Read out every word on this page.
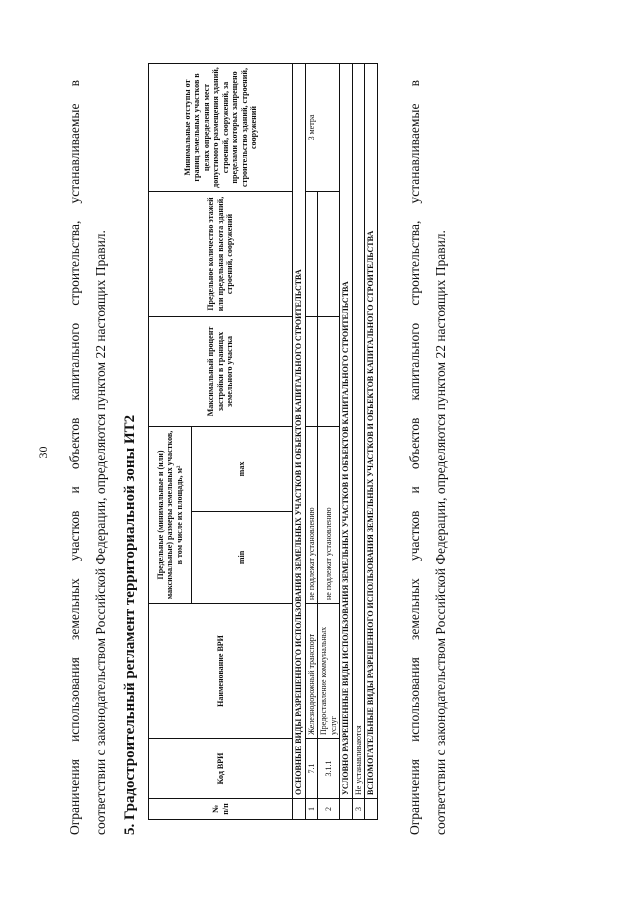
30	Ограничения использования земельных участков и объектов капитального строительства, устанавливаемые в соответствии с законодательством Российской Федерации, определяются пунктом 22 настоящих Правил. 5. Градостроительный регламент территориальной зоны ИТ2	№ п/п	Код ВРИ	Наименование ВРИ	Предельные (минимальные и (или) максимальные) размеры земельных участков, в том числе их площадь, м²		Максимальный процент застройки в границах земельного участка	Предельное количество этажей или предельная высота зданий, строений, сооружений	Минимальные отступы от границ земельных участков в целях определения мест допустимого размещения зданий, строений, сооружений, за пределами которых запрещено строительство зданий, строений, сооружений
			min	max			
	ОСНОВНЫЕ ВИДЫ РАЗРЕШЕННОГО ИСПОЛЬЗОВАНИЯ ЗЕМЕЛЬНЫХ УЧАСТКОВ И ОБЪЕКТОВ КАПИТАЛЬНОГО СТРОИТЕЛЬСТВА						
1	7.1	Железнодорожный транспорт	не подлежат установлению				3 метра
2	3.1.1	Предоставление коммунальных услуг	не подлежат установлению				
	УСЛОВНО РАЗРЕШЕННЫЕ ВИДЫ ИСПОЛЬЗОВАНИЯ ЗЕМЕЛЬНЫХ УЧАСТКОВ И ОБЪЕКТОВ КАПИТАЛЬНОГО СТРОИТЕЛЬСТВА						
3	Не устанавливаются						
	ВСПОМОГАТЕЛЬНЫЕ ВИДЫ РАЗРЕШЕННОГО ИСПОЛЬЗОВАНИЯ ЗЕМЕЛЬНЫХ УЧАСТКОВ И ОБЪЕКТОВ КАПИТАЛЬНОГО СТРОИТЕЛЬСТВА							Ограничения использования земельных участков и объектов капитального строительства, устанавливаемые в соответствии с законодательством Российской Федерации, определяются пунктом 22 настоящих Правил.
